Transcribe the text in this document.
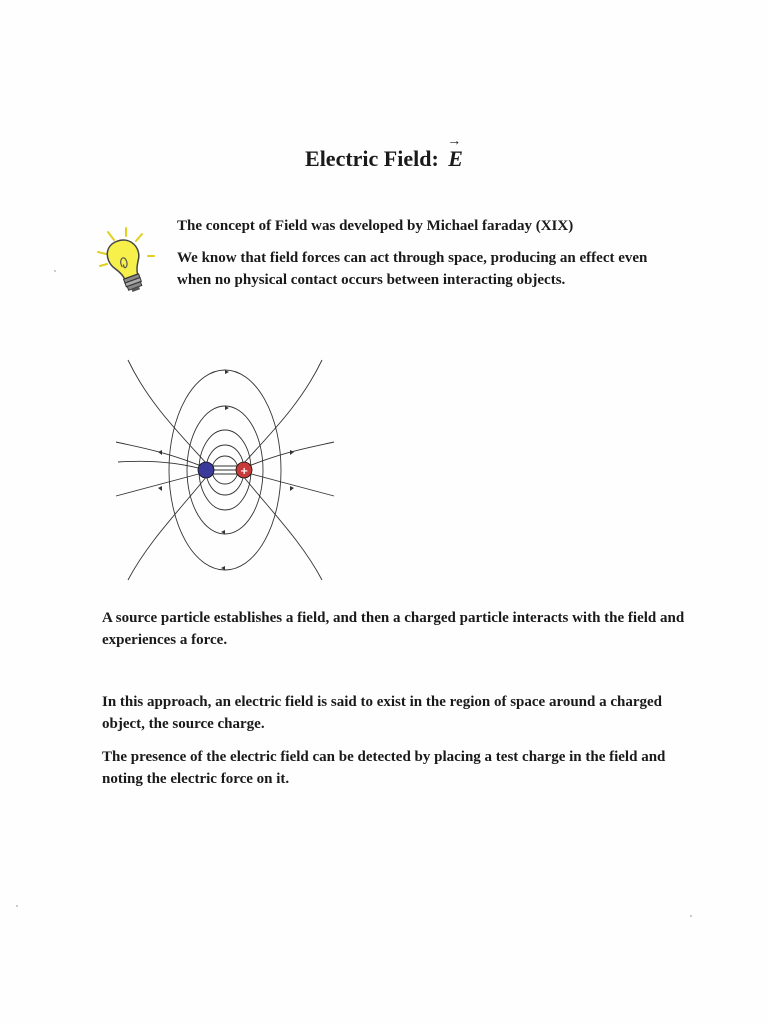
Electric Field:
→
E

The concept of Field was developed by Michael faraday (XIX)

We know that field forces can act through space, producing an effect even when no physical contact occurs between interacting objects.

+

A source particle establishes a field, and then a charged particle interacts with the field and experiences a force.

In this approach, an electric field is said to exist in the region of space around a charged object, the source charge.

The presence of the electric field can be detected by placing a test charge in the field and noting the electric force on it.
